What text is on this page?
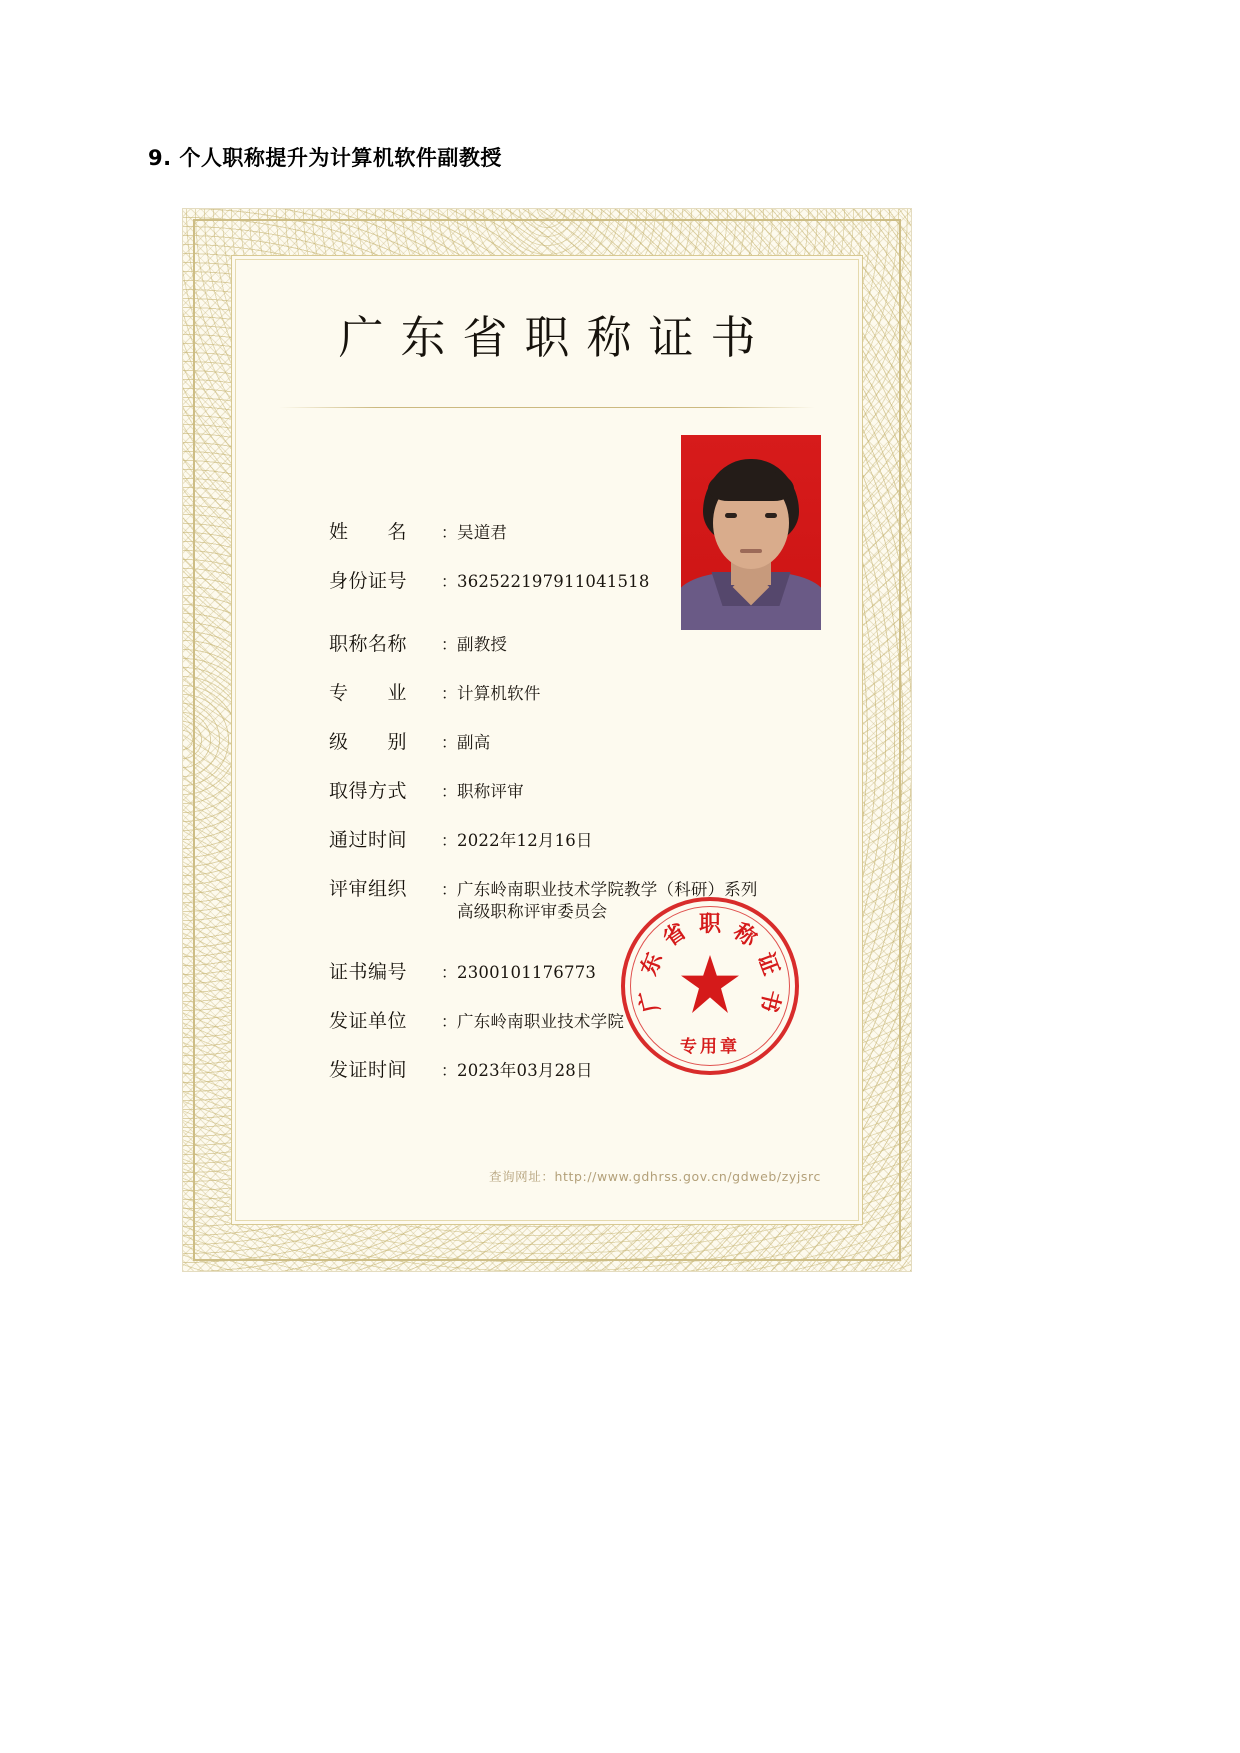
9. 个人职称提升为计算机软件副教授
广东省职称证书
姓　　名	： 吴道君
身份证号	： 362522197911041518
职称名称	： 副教授
专　　业	： 计算机软件
级　　别	： 副高
取得方式	： 职称评审
通过时间	： 2022年12月16日
评审组织	： 广东岭南职业技术学院教学（科研）系列高级职称评审委员会
证书编号	： 2300101176773
发证单位	： 广东岭南职业技术学院
发证时间	： 2023年03月28日
广
东
省 职 称
证
书
专用章
查询网址：http://www.gdhrss.gov.cn/gdweb/zyjsrc
